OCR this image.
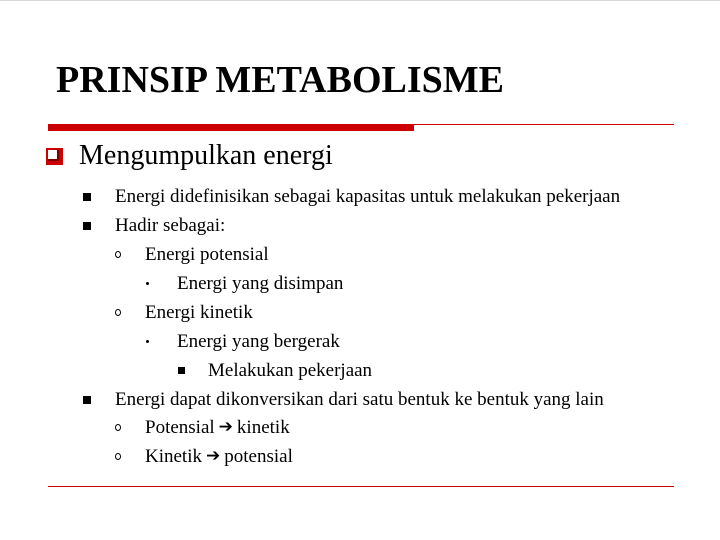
PRINSIP METABOLISME
Mengumpulkan energi
Energi didefinisikan sebagai kapasitas untuk melakukan pekerjaan
Hadir sebagai:
Energi potensial
Energi yang disimpan
Energi kinetik
Energi yang bergerak
Melakukan pekerjaan
Energi dapat dikonversikan dari satu bentuk ke bentuk yang lain
Potensial ➔ kinetik
Kinetik ➔ potensial
